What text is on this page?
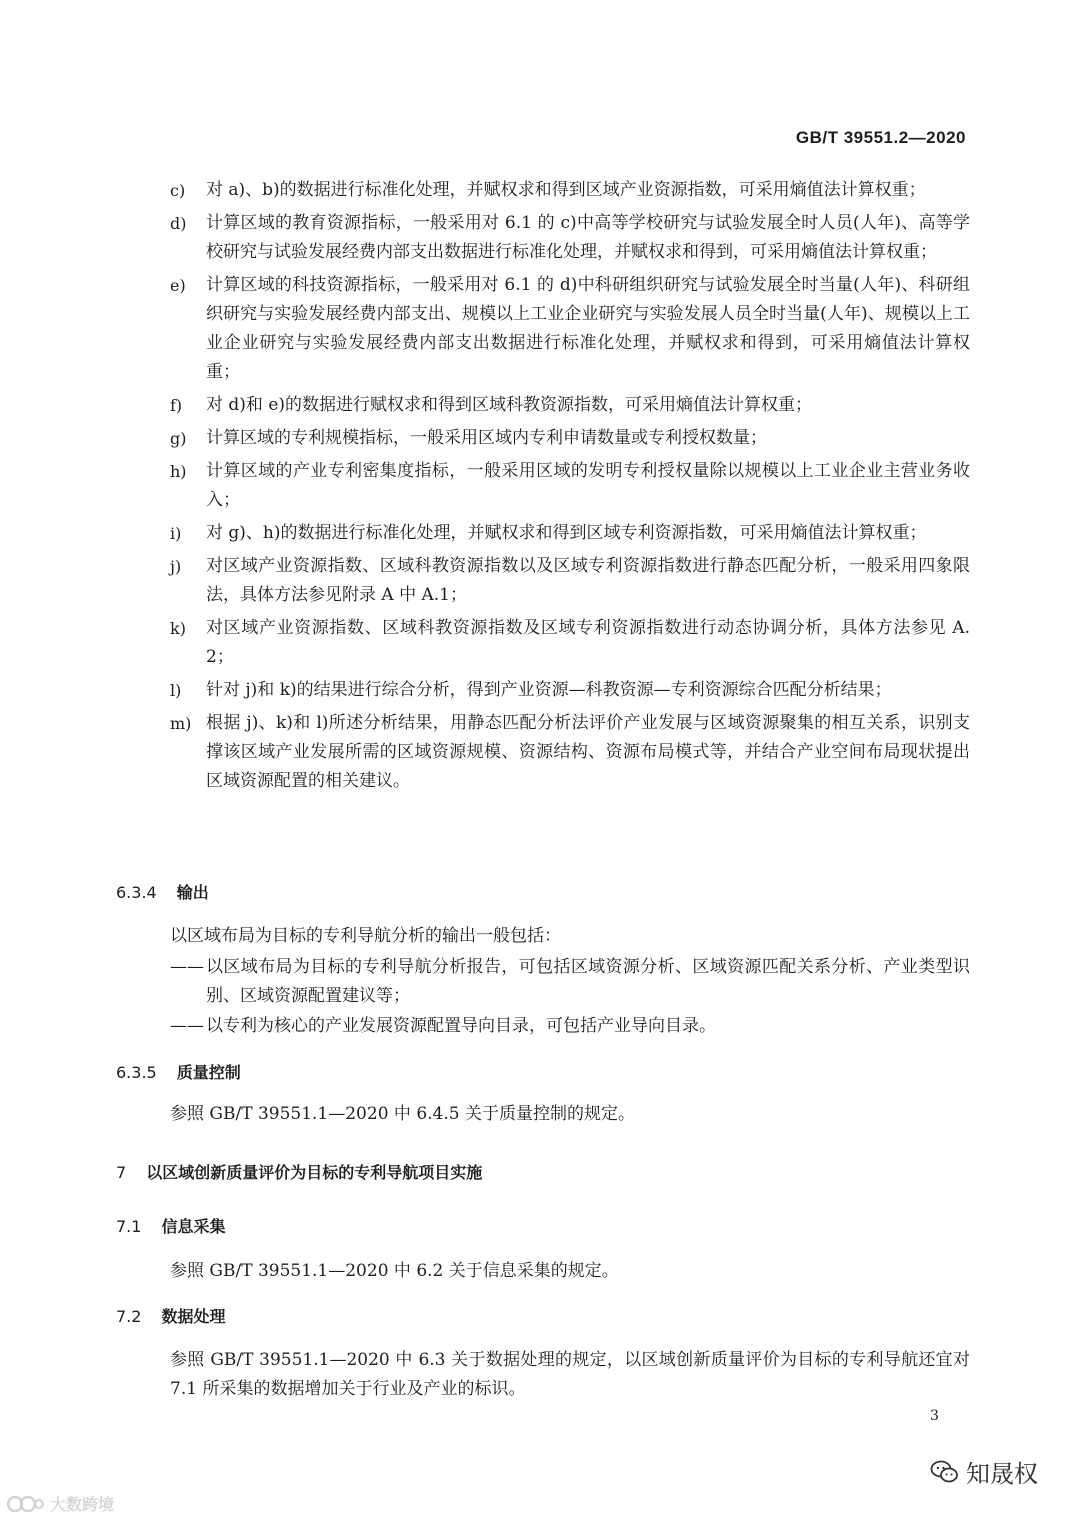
GB/T 39551.2—2020
c) 对 a)、b)的数据进行标准化处理，并赋权求和得到区域产业资源指数，可采用熵值法计算权重；
d) 计算区域的教育资源指标，一般采用对 6.1 的 c)中高等学校研究与试验发展全时人员(人年)、高等学校研究与试验发展经费内部支出数据进行标准化处理，并赋权求和得到，可采用熵值法计算权重；
e) 计算区域的科技资源指标，一般采用对 6.1 的 d)中科研组织研究与试验发展全时当量(人年)、科研组织研究与实验发展经费内部支出、规模以上工业企业研究与实验发展人员全时当量(人年)、规模以上工业企业研究与实验发展经费内部支出数据进行标准化处理，并赋权求和得到，可采用熵值法计算权重；
f) 对 d)和 e)的数据进行赋权求和得到区域科教资源指数，可采用熵值法计算权重；
g) 计算区域的专利规模指标，一般采用区域内专利申请数量或专利授权数量；
h) 计算区域的产业专利密集度指标，一般采用区域的发明专利授权量除以规模以上工业企业主营业务收入；
i) 对 g)、h)的数据进行标准化处理，并赋权求和得到区域专利资源指数，可采用熵值法计算权重；
j) 对区域产业资源指数、区域科教资源指数以及区域专利资源指数进行静态匹配分析，一般采用四象限法，具体方法参见附录 A 中 A.1；
k) 对区域产业资源指数、区域科教资源指数及区域专利资源指数进行动态协调分析，具体方法参见 A.2；
l) 针对 j)和 k)的结果进行综合分析，得到产业资源—科教资源—专利资源综合匹配分析结果；
m) 根据 j)、k)和 l)所述分析结果，用静态匹配分析法评价产业发展与区域资源聚集的相互关系，识别支撑该区域产业发展所需的区域资源规模、资源结构、资源布局模式等，并结合产业空间布局现状提出区域资源配置的相关建议。
6.3.4 输出
以区域布局为目标的专利导航分析的输出一般包括：
—— 以区域布局为目标的专利导航分析报告，可包括区域资源分析、区域资源匹配关系分析、产业类型识别、区域资源配置建议等；
—— 以专利为核心的产业发展资源配置导向目录，可包括产业导向目录。
6.3.5 质量控制
参照 GB/T 39551.1—2020 中 6.4.5 关于质量控制的规定。
7 以区域创新质量评价为目标的专利导航项目实施
7.1 信息采集
参照 GB/T 39551.1—2020 中 6.2 关于信息采集的规定。
7.2 数据处理
参照 GB/T 39551.1—2020 中 6.3 关于数据处理的规定，以区域创新质量评价为目标的专利导航还宜对 7.1 所采集的数据增加关于行业及产业的标识。
3
大数跨境
知晟权
